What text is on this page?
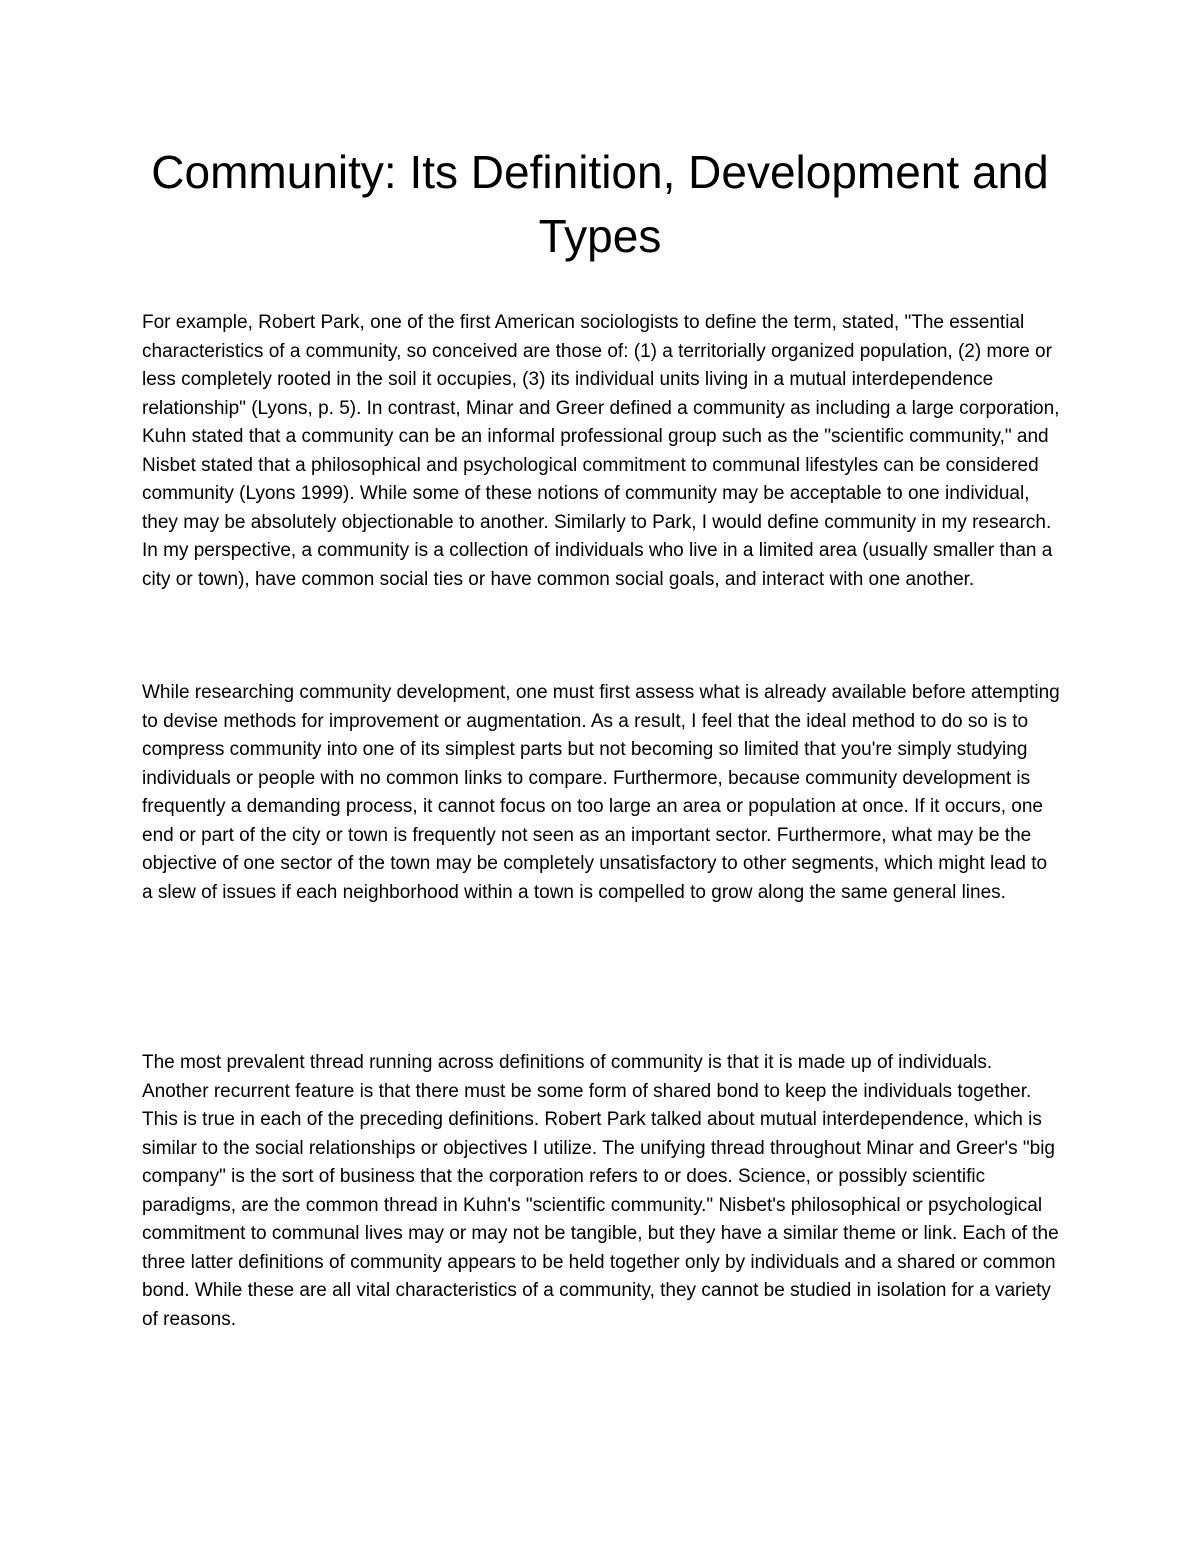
Community: Its Definition, Development and Types

For example, Robert Park, one of the first American sociologists to define the term, stated, "The essential characteristics of a community, so conceived are those of: (1) a territorially organized population, (2) more or less completely rooted in the soil it occupies, (3) its individual units living in a mutual interdependence relationship" (Lyons, p. 5). In contrast, Minar and Greer defined a community as including a large corporation, Kuhn stated that a community can be an informal professional group such as the "scientific community," and Nisbet stated that a philosophical and psychological commitment to communal lifestyles can be considered community (Lyons 1999). While some of these notions of community may be acceptable to one individual, they may be absolutely objectionable to another. Similarly to Park, I would define community in my research. In my perspective, a community is a collection of individuals who live in a limited area (usually smaller than a city or town), have common social ties or have common social goals, and interact with one another.

While researching community development, one must first assess what is already available before attempting to devise methods for improvement or augmentation. As a result, I feel that the ideal method to do so is to compress community into one of its simplest parts but not becoming so limited that you're simply studying individuals or people with no common links to compare. Furthermore, because community development is frequently a demanding process, it cannot focus on too large an area or population at once. If it occurs, one end or part of the city or town is frequently not seen as an important sector. Furthermore, what may be the objective of one sector of the town may be completely unsatisfactory to other segments, which might lead to a slew of issues if each neighborhood within a town is compelled to grow along the same general lines.

The most prevalent thread running across definitions of community is that it is made up of individuals. Another recurrent feature is that there must be some form of shared bond to keep the individuals together. This is true in each of the preceding definitions. Robert Park talked about mutual interdependence, which is similar to the social relationships or objectives I utilize. The unifying thread throughout Minar and Greer's "big company" is the sort of business that the corporation refers to or does. Science, or possibly scientific paradigms, are the common thread in Kuhn's "scientific community." Nisbet's philosophical or psychological commitment to communal lives may or may not be tangible, but they have a similar theme or link. Each of the three latter definitions of community appears to be held together only by individuals and a shared or common bond. While these are all vital characteristics of a community, they cannot be studied in isolation for a variety of reasons.
